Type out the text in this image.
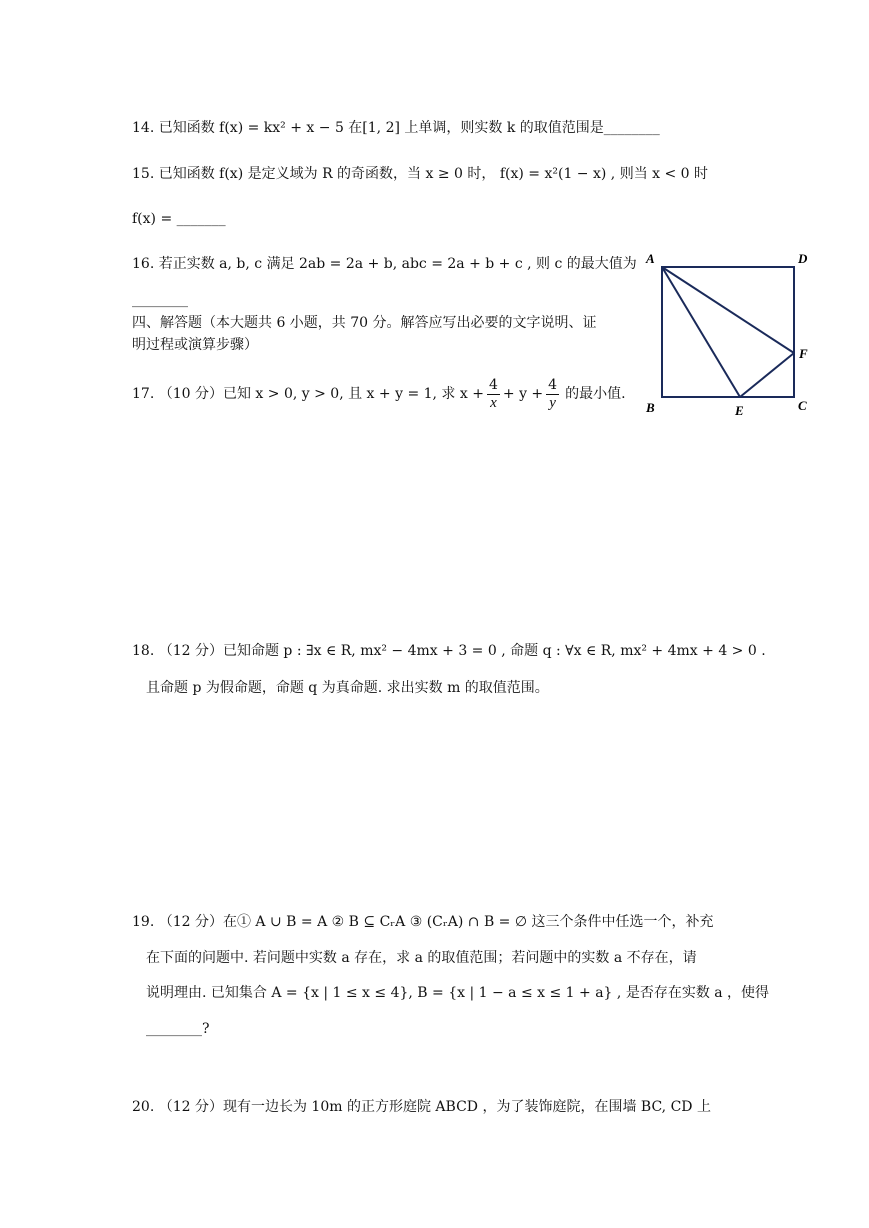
14. 已知函数 f(x) = kx² + x − 5 在[1, 2] 上单调，则实数 k 的取值范围是________
15. 已知函数 f(x) 是定义域为 R 的奇函数，当 x ≥ 0 时， f(x) = x²(1 − x) , 则当 x < 0 时
f(x) = _______
16. 若正实数 a, b, c 满足 2ab = 2a + b, abc = 2a + b + c , 则 c 的最大值为
________
四、解答题（本大题共 6 小题，共 70 分。解答应写出必要的文字说明、证
明过程或演算步骤）
17. （10 分）已知 x > 0, y > 0, 且 x + y = 1, 求 $x + \frac{4}{x} + y + \frac{4}{y}$ 的最小值.
A	D
B	C
E
F
18. （12 分）已知命题 p : ∃x ∈ R, mx² − 4mx + 3 = 0 , 命题 q : ∀x ∈ R, mx² + 4mx + 4 > 0 .
且命题 p 为假命题，命题 q 为真命题. 求出实数 m 的取值范围。
19. （12 分）在① A ∪ B = A ② B ⊆ CᵣA ③ (CᵣA) ∩ B = ∅ 这三个条件中任选一个，补充
在下面的问题中. 若问题中实数 a 存在，求 a 的取值范围；若问题中的实数 a 不存在，请
说明理由. 已知集合 A = {x | 1 ≤ x ≤ 4}, B = {x | 1 − a ≤ x ≤ 1 + a} , 是否存在实数 a ，使得
________?
20. （12 分）现有一边长为 10m 的正方形庭院 ABCD ，为了装饰庭院，在围墙 BC, CD 上
